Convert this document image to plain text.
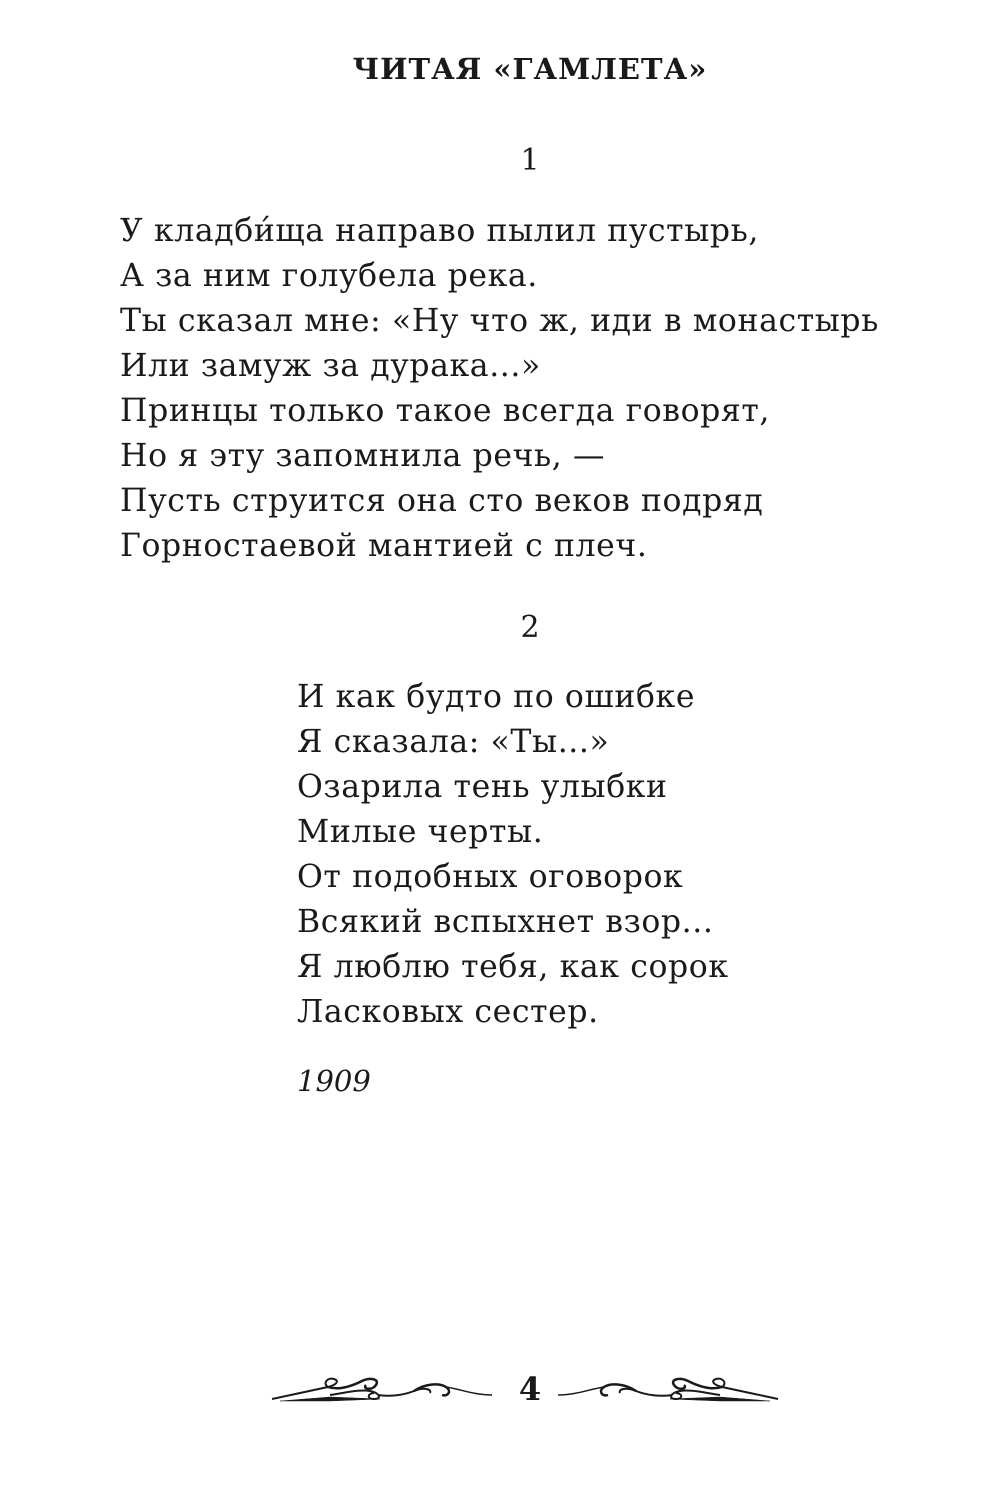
ЧИТАЯ «ГАМЛЕТА»
1
У кладби́ща направо пылил пустырь,
А за ним голубела река.
Ты сказал мне: «Ну что ж, иди в монастырь
Или замуж за дурака...»
Принцы только такое всегда говорят,
Но я эту запомнила речь, —
Пусть струится она сто веков подряд
Горностаевой мантией с плеч.
2
И как будто по ошибке
Я сказала: «Ты...»
Озарила тень улыбки
Милые черты.
От подобных оговорок
Всякий вспыхнет взор...
Я люблю тебя, как сорок
Ласковых сестер.
1909
4
